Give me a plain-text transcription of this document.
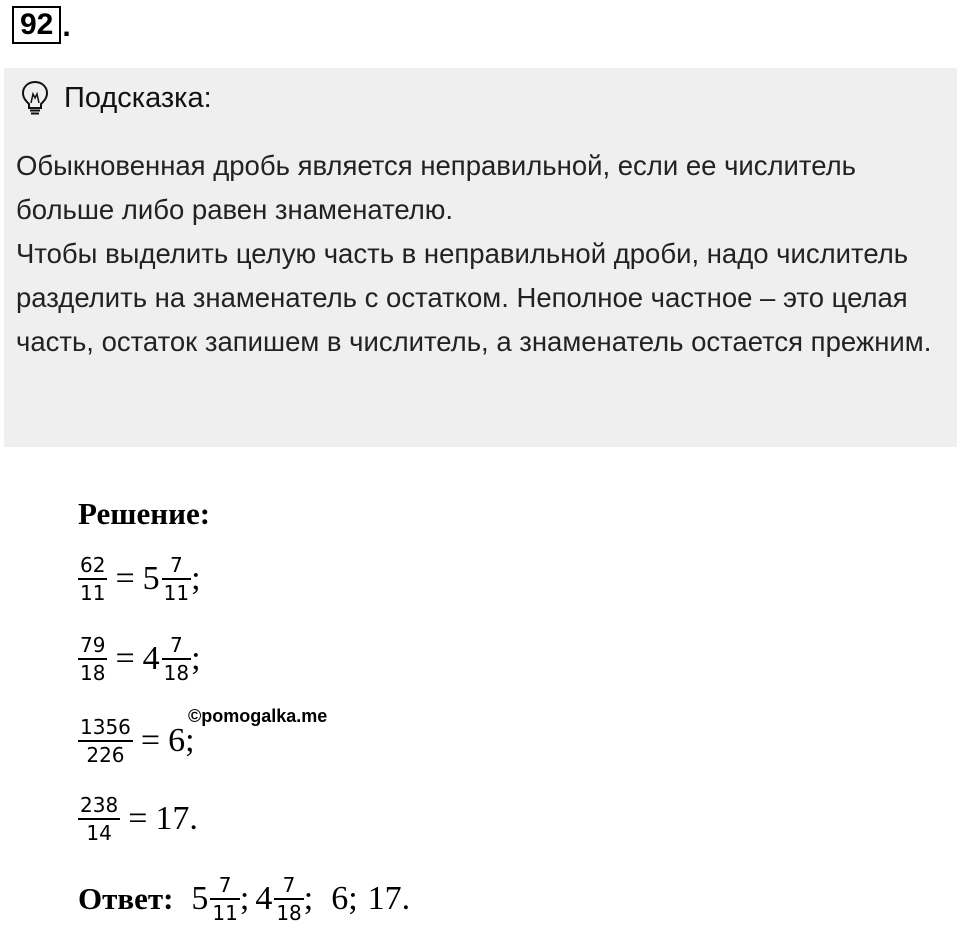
92 .
Подсказка:

Обыкновенная дробь является неправильной, если ее числитель больше либо равен знаменателю.

Чтобы выделить целую часть в неправильной дроби, надо числитель разделить на знаменатель с остатком. Неполное частное – это целая часть, остаток запишем в числитель, а знаменатель остается прежним.

Решение:
$\frac{62}{11} = 5 \frac{7}{11}$ ;
$\frac{79}{18} = 4 \frac{7}{18}$ ;
$\frac{1356}{226} = 6$ ;
$\frac{238}{14} = 17$ .
Ответ: $5 \frac{7}{11}$ ; $4 \frac{7}{18}$ ; 6; 17.
©pomogalka.me
